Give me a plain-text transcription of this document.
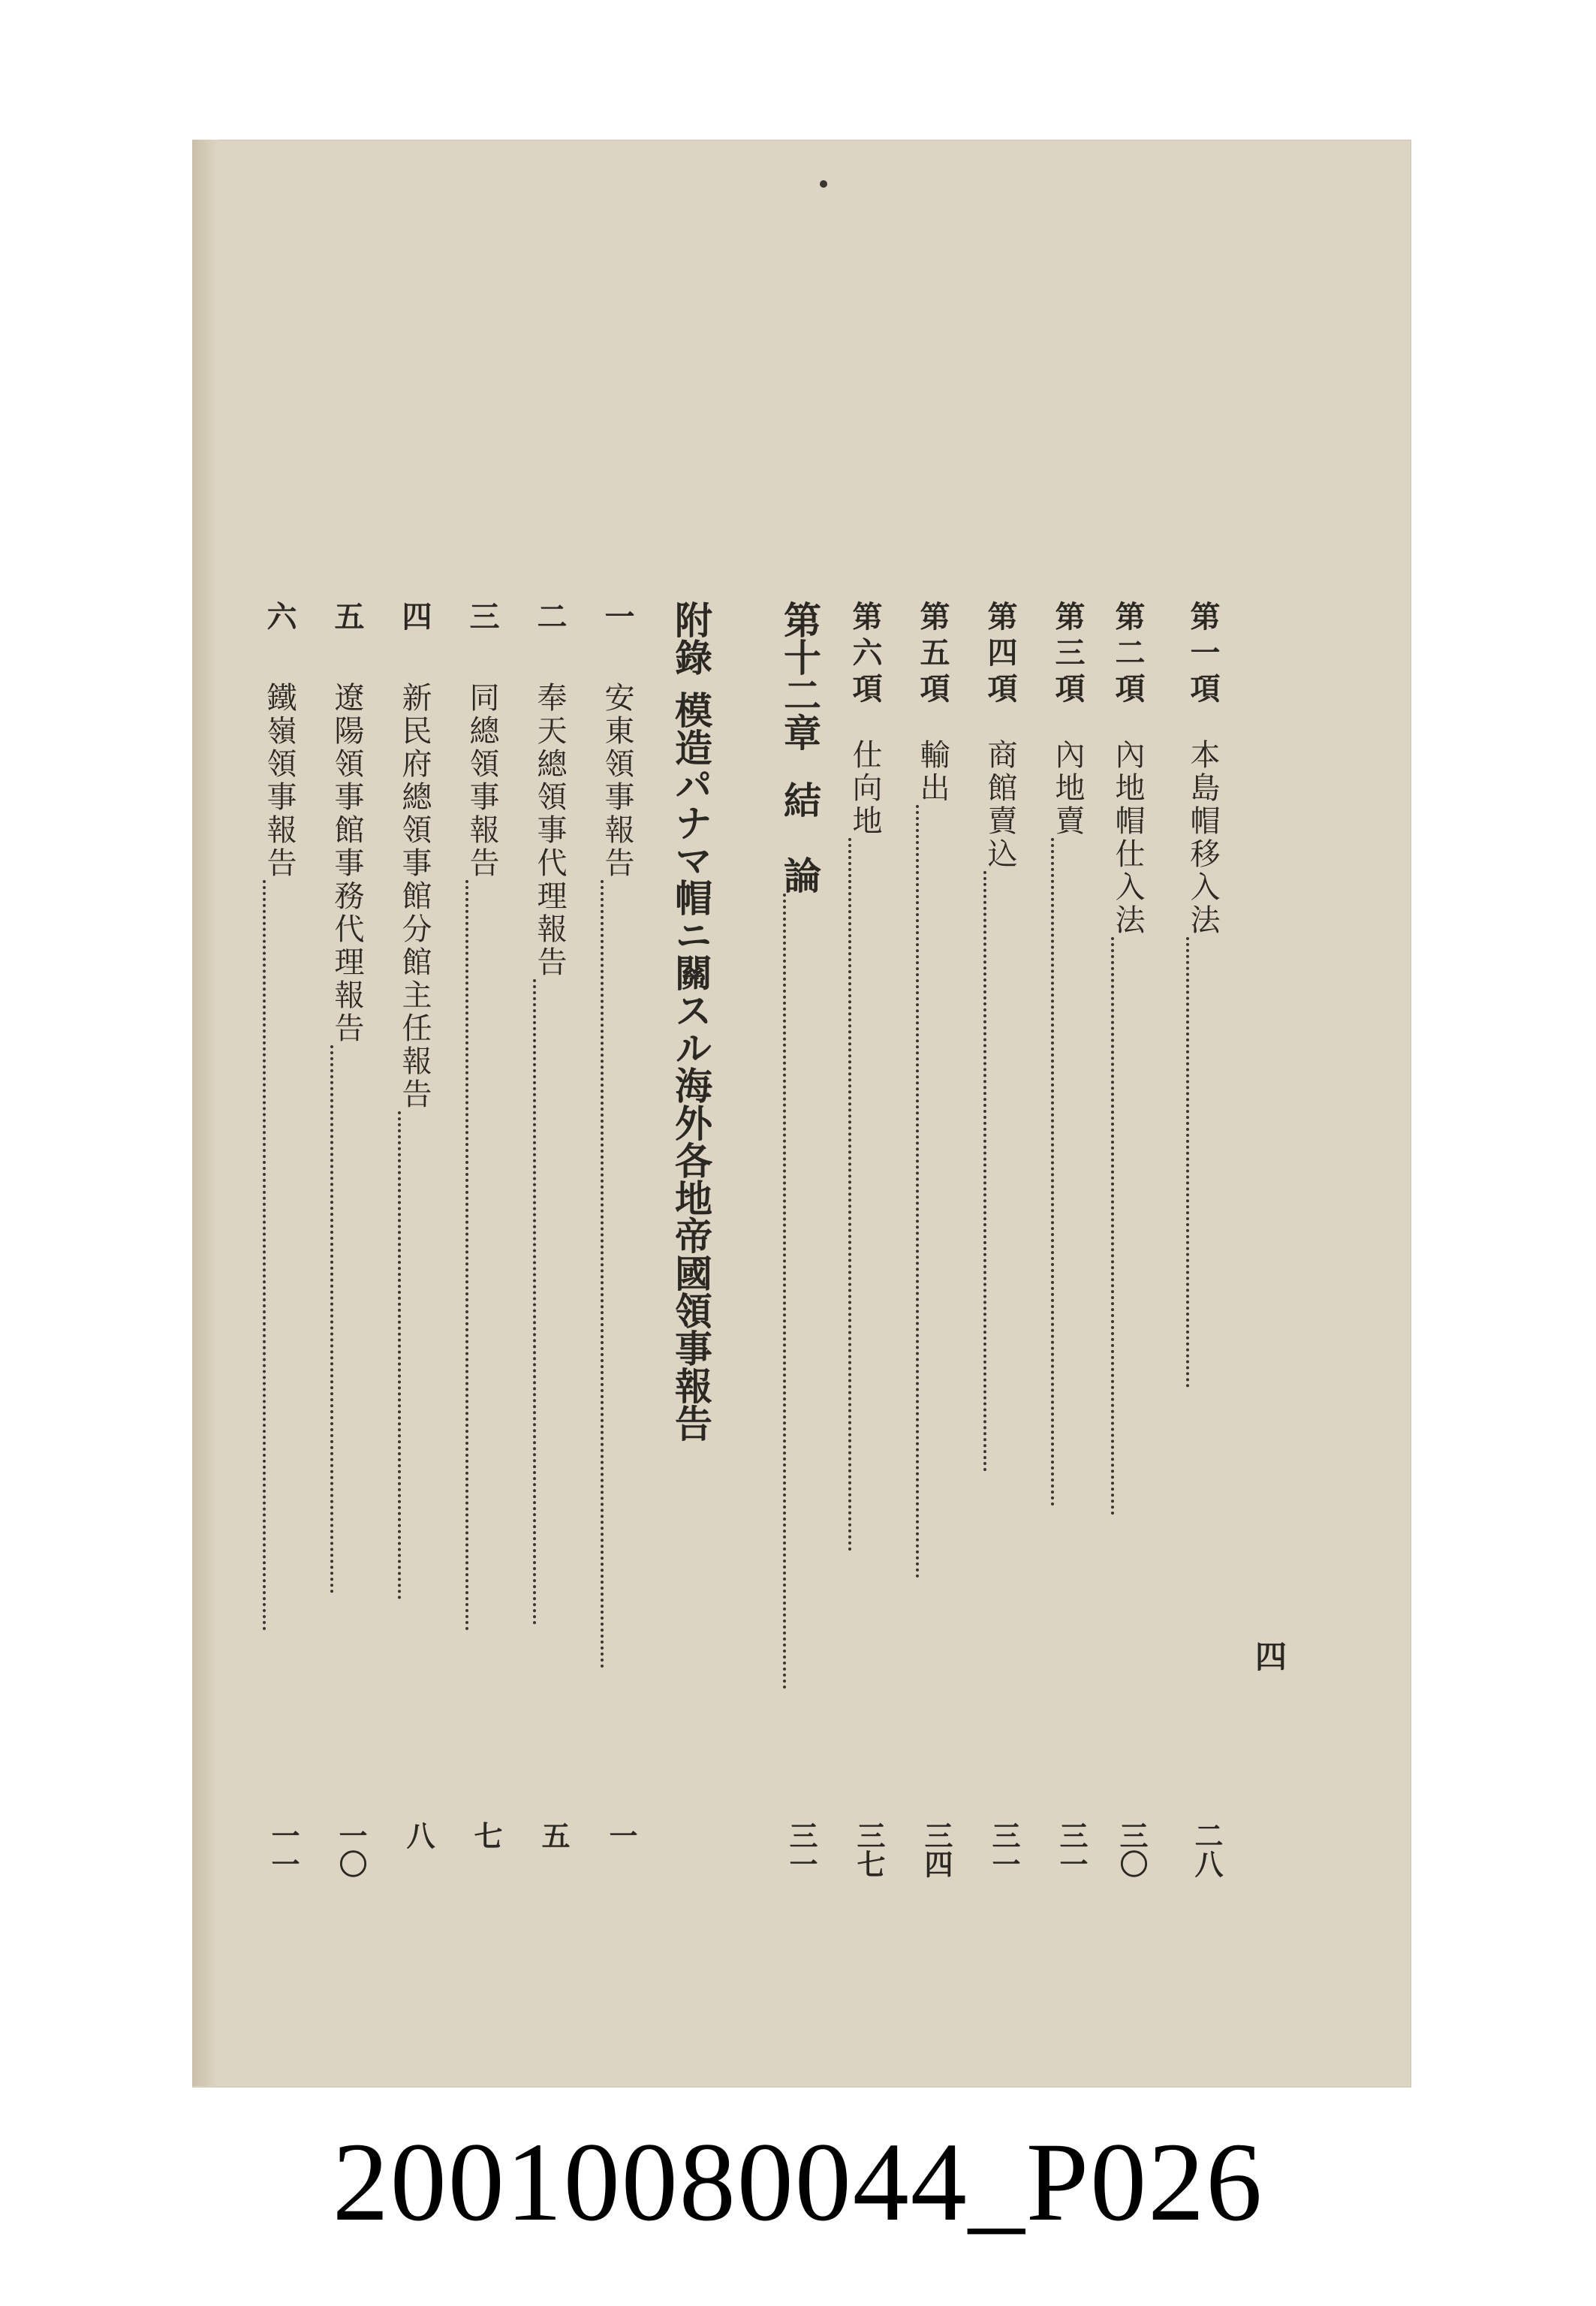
四
第一項本島帽移入法
二八
第二項內地帽仕入法
三〇
第三項內地賣
三一
第四項商館賣込
三一
第五項輸出
三四
第六項仕向地
三七
第十二章結　論
三一
附錄模造パナマ帽ニ關スル海外各地帝國領事報告
一安東領事報告
一
二奉天總領事代理報告
五
三同總領事報告
七
四新民府總領事館分館主任報告
八
五遼陽領事館事務代理報告
一〇
六鐵嶺領事報告
一一
20010080044_P026
